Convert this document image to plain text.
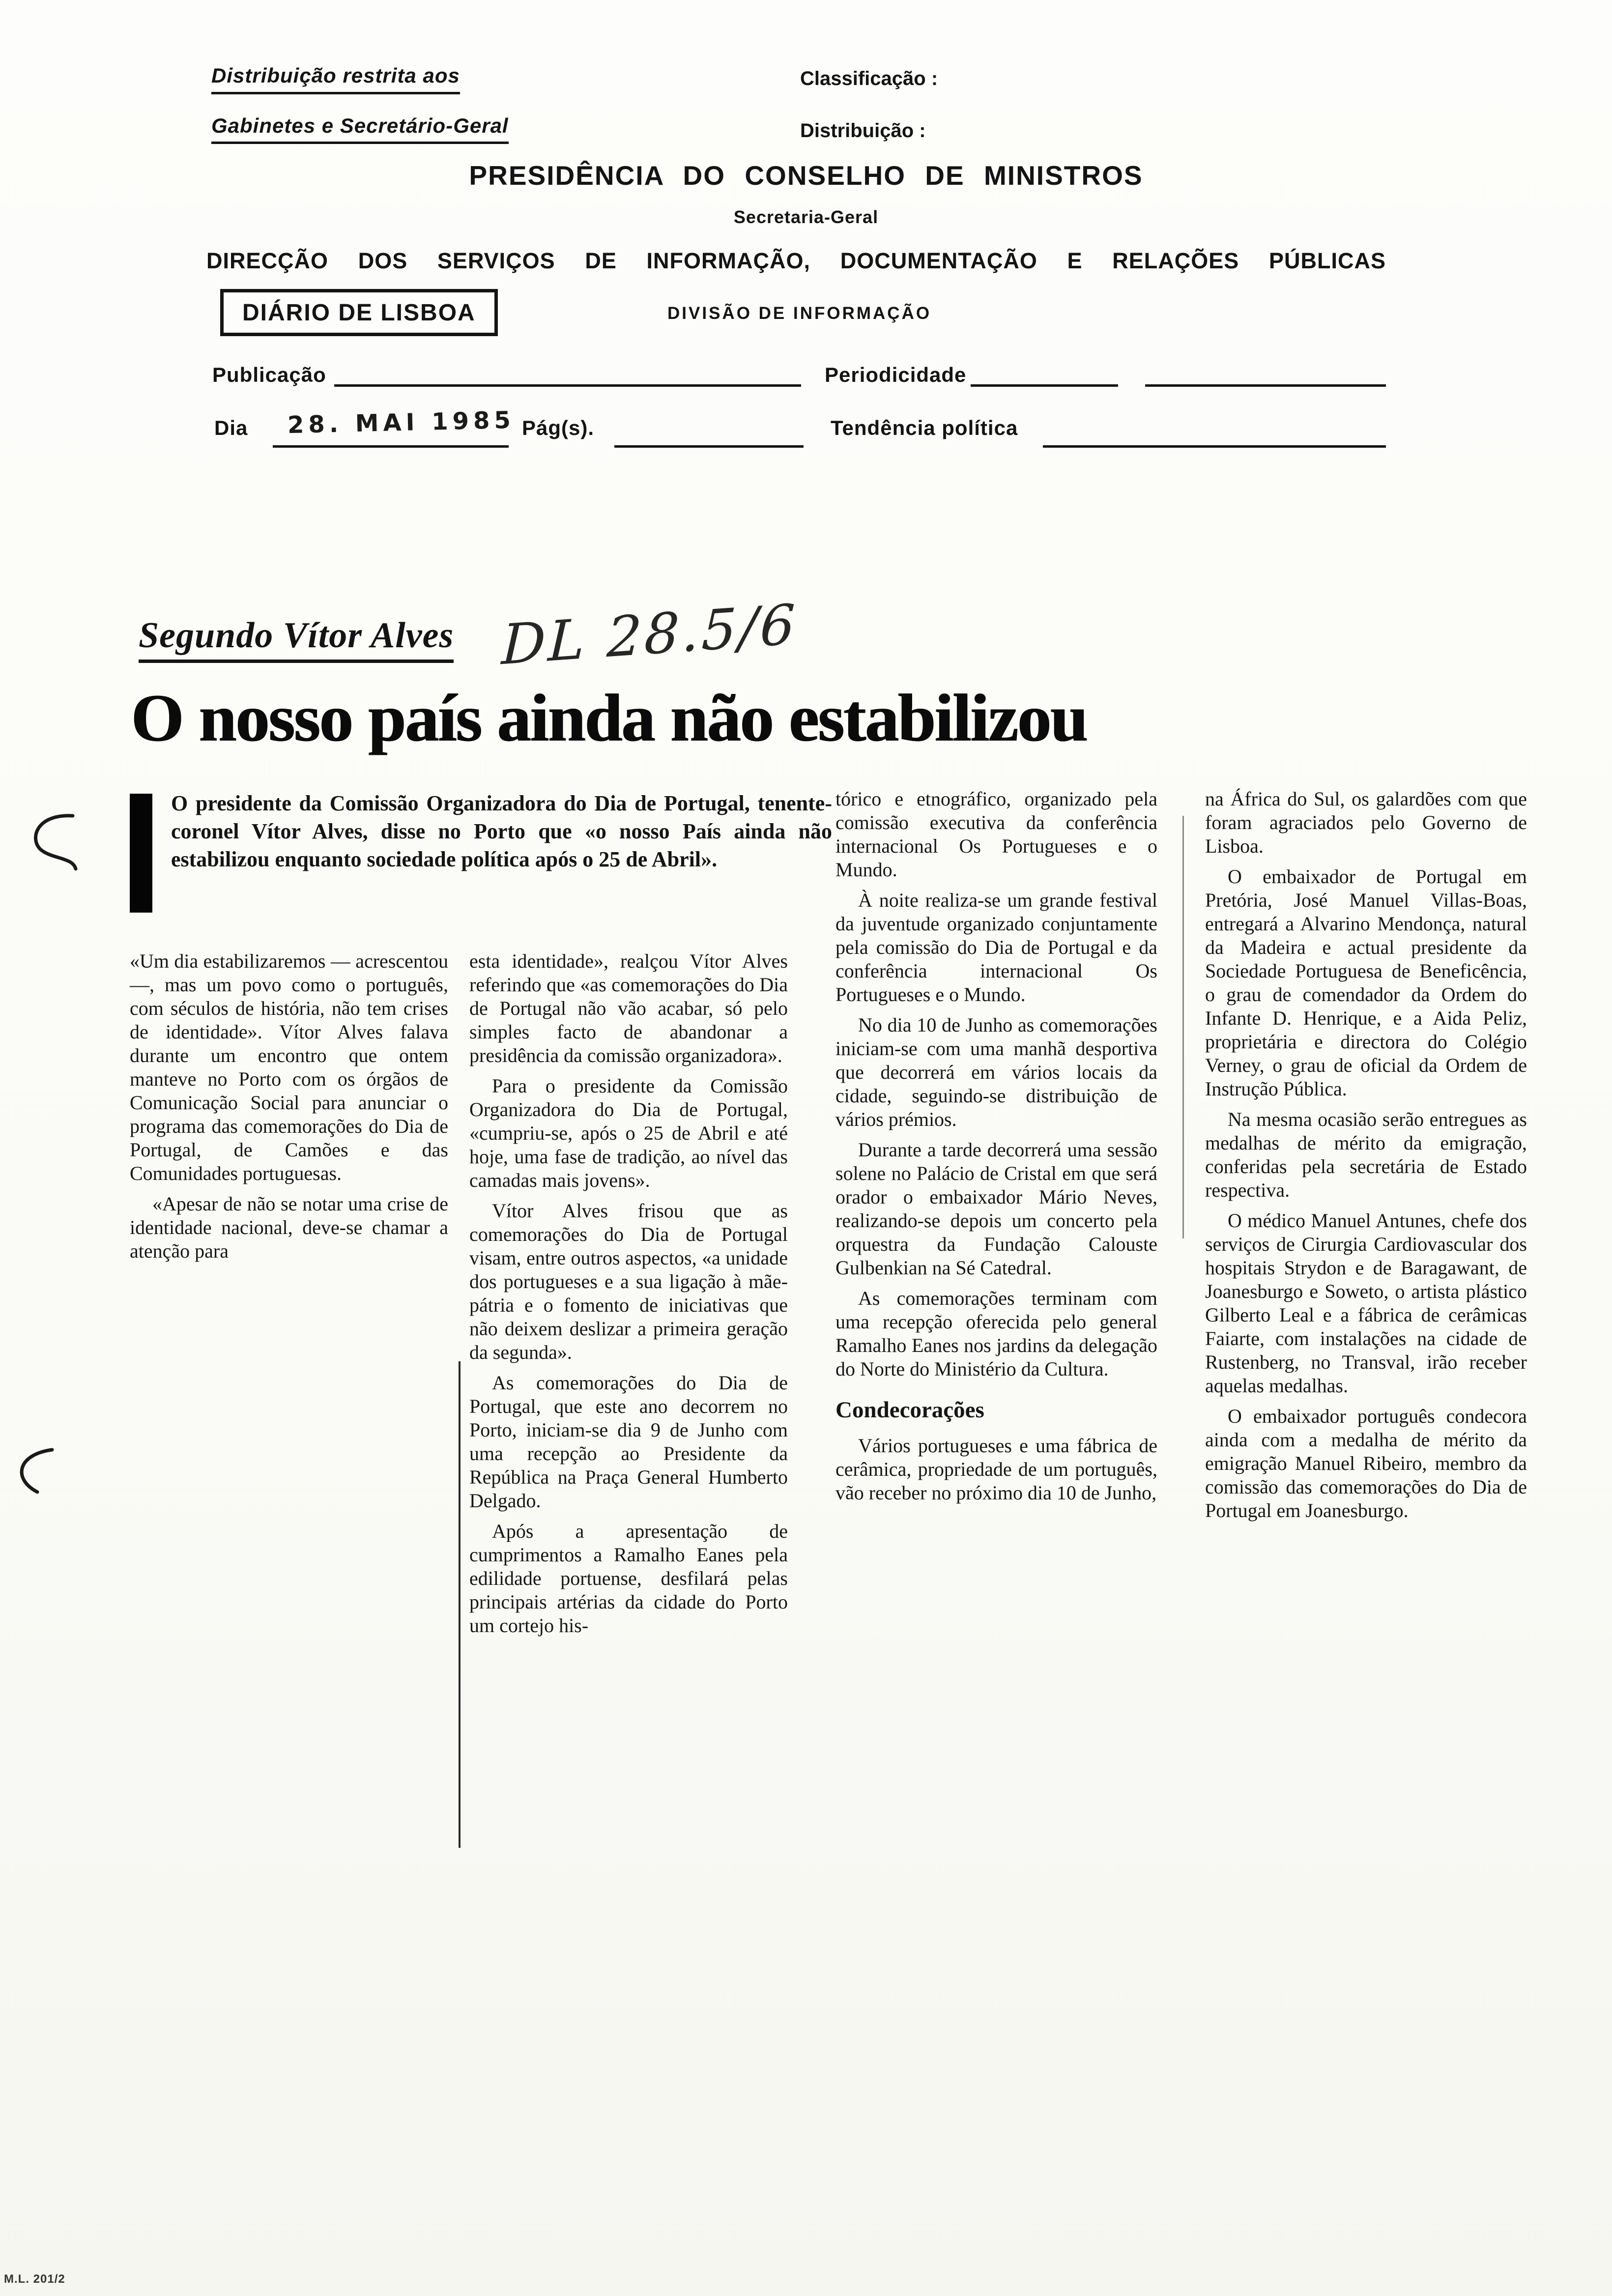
Distribuição restrita aos
Gabinetes e Secretário-Geral
Classificação :
Distribuição :
PRESIDÊNCIA DO CONSELHO DE MINISTROS
Secretaria-Geral
DIRECÇÃO DOS SERVIÇOS DE INFORMAÇÃO, DOCUMENTAÇÃO E RELAÇÕES PÚBLICAS
DIÁRIO DE LISBOA	DIVISÃO DE INFORMAÇÃO
Publicação	Periodicidade
Dia 28. MAI 1985 Pág(s).	Tendência política
Segundo Vítor Alves
O nosso país ainda não estabilizou
DL 28.5/6
O presidente da Comissão Organizadora do Dia de Portugal, tenente-coronel Vítor Alves, disse no Porto que «o nosso País ainda não estabilizou enquanto sociedade política após o 25 de Abril».

«Um dia estabilizaremos — acrescentou —, mas um povo como o português, com séculos de história, não tem crises de identidade». Vítor Alves falava durante um encontro que ontem manteve no Porto com os órgãos de Comunicação Social para anunciar o programa das comemorações do Dia de Portugal, de Camões e das Comunidades portuguesas.

«Apesar de não se notar uma crise de identidade nacional, deve-se chamar a atenção para

esta identidade», realçou Vítor Alves referindo que «as comemorações do Dia de Portugal não vão acabar, só pelo simples facto de abandonar a presidência da comissão organizadora».

Para o presidente da Comissão Organizadora do Dia de Portugal, «cumpriu-se, após o 25 de Abril e até hoje, uma fase de tradição, ao nível das camadas mais jovens».

Vítor Alves frisou que as comemorações do Dia de Portugal visam, entre outros aspectos, «a unidade dos portugueses e a sua ligação à mãe-pátria e o fomento de iniciativas que não deixem deslizar a primeira geração da segunda».

As comemorações do Dia de Portugal, que este ano decorrem no Porto, iniciam-se dia 9 de Junho com uma recepção ao Presidente da República na Praça General Humberto Delgado.

Após a apresentação de cumprimentos a Ramalho Eanes pela edilidade portuense, desfilará pelas principais artérias da cidade do Porto um cortejo his-

tórico e etnográfico, organizado pela comissão executiva da conferência internacional Os Portugueses e o Mundo.

À noite realiza-se um grande festival da juventude organizado conjuntamente pela comissão do Dia de Portugal e da conferência internacional Os Portugueses e o Mundo.

No dia 10 de Junho as comemorações iniciam-se com uma manhã desportiva que decorrerá em vários locais da cidade, seguindo-se distribuição de vários prémios.

Durante a tarde decorrerá uma sessão solene no Palácio de Cristal em que será orador o embaixador Mário Neves, realizando-se depois um concerto pela orquestra da Fundação Calouste Gulbenkian na Sé Catedral.

As comemorações terminam com uma recepção oferecida pelo general Ramalho Eanes nos jardins da delegação do Norte do Ministério da Cultura.

Condecorações

Vários portugueses e uma fábrica de cerâmica, propriedade de um português, vão receber no próximo dia 10 de Junho,

na África do Sul, os galardões com que foram agraciados pelo Governo de Lisboa.

O embaixador de Portugal em Pretória, José Manuel Villas-Boas, entregará a Alvarino Mendonça, natural da Madeira e actual presidente da Sociedade Portuguesa de Beneficência, o grau de comendador da Ordem do Infante D. Henrique, e a Aida Peliz, proprietária e directora do Colégio Verney, o grau de oficial da Ordem de Instrução Pública.

Na mesma ocasião serão entregues as medalhas de mérito da emigração, conferidas pela secretária de Estado respectiva.

O médico Manuel Antunes, chefe dos serviços de Cirurgia Cardiovascular dos hospitais Strydon e de Baragawant, de Joanesburgo e Soweto, o artista plástico Gilberto Leal e a fábrica de cerâmicas Faiarte, com instalações na cidade de Rustenberg, no Transval, irão receber aquelas medalhas.

O embaixador português condecora ainda com a medalha de mérito da emigração Manuel Ribeiro, membro da comissão das comemorações do Dia de Portugal em Joanesburgo.

M.L. 201/2
